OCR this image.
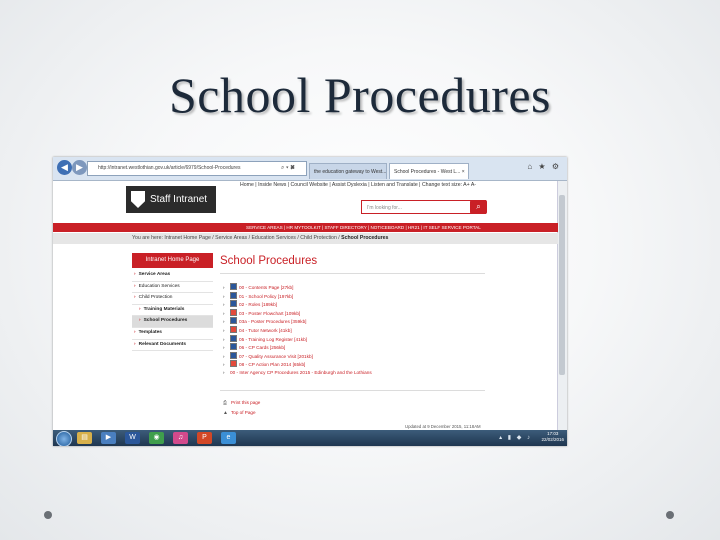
School Procedures
◀ ▶	http://intranet.westlothian.gov.uk/article/6979/School-Procedures	⌕ ▾ ✖
the education gateway to West...	School Procedures - West L... ×
⌂ ★ ⚙
Home | Inside News | Council Website | Assist Dyslexia | Listen and Translate | Change text size: A+ A-
Staff Intranet
I'm looking for...	⌕
SERVICE AREAS | HR MYTOOLKIT | STAFF DIRECTORY | NOTICEBOARD | HR21 | IT SELF SERVICE PORTAL
You are here: Intranet Home Page / Service Areas / Education Services / Child Protection / School Procedures
Intranet Home Page
› Service Areas
› Education Services
› Child Protection
› Training Materials
› School Procedures
› Templates
› Relevant Documents
School Procedures
›	00 - Contents Page [27kb]
›	01 - School Policy [197kb]
›	02 - Roles [189kb]
›	03 - Poster Flowchart [109kb]
›	03a - Poster Procedures [359kb]
›	04 - Tutor Network [41kb]
›	05 - Training Log Register [41kb]
›	06 - CP Cards [256kb]
›	07 - Quality Assurance Visit [201kb]
›	08 - CP Action Plan 2014 [65kb]
› 00 - Inter Agency CP Procedures 2015 - Edinburgh and the Lothians
⎙ Print this page
▲ Top of Page
Updated at 9 December 2015, 11:18AM
▤	▶	W	◉	♫	P	e	▴ ▮ ◆ ♪
17:03
22/02/2016
